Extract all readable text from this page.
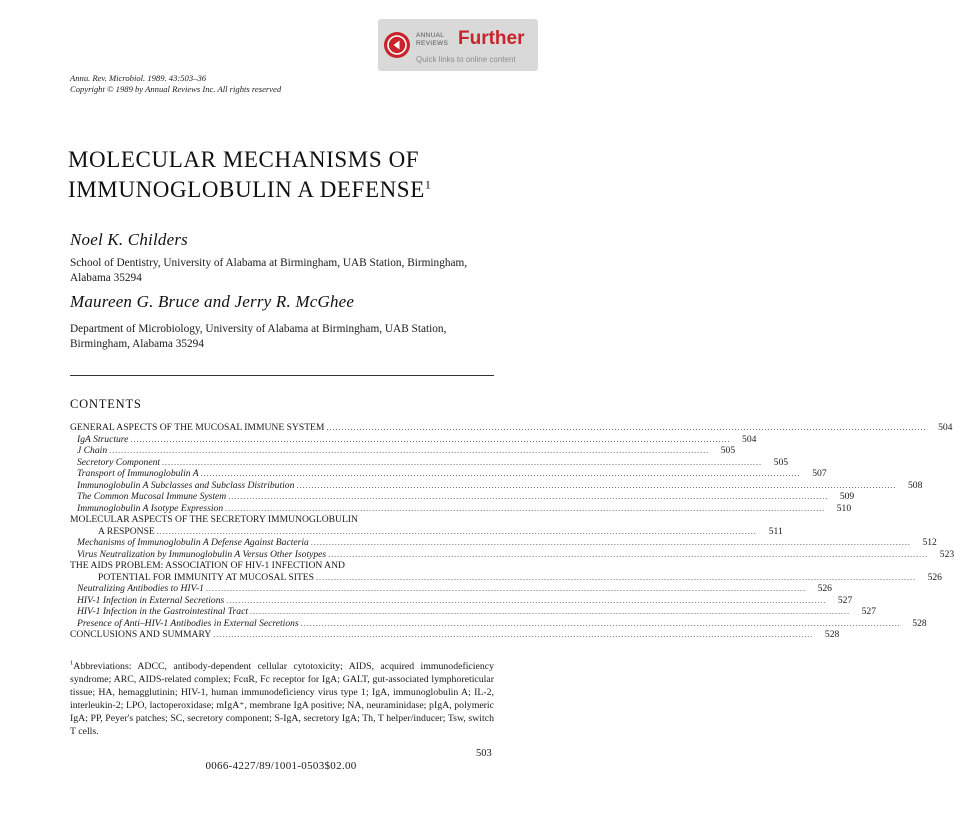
ANNUAL
REVIEWS Further
Quick links to online content
Annu. Rev. Microbiol. 1989. 43:503–36
Copyright © 1989 by Annual Reviews Inc. All rights reserved
MOLECULAR MECHANISMS OF
IMMUNOGLOBULIN A DEFENSE$^1$
Noel K. Childers
School of Dentistry, University of Alabama at Birmingham, UAB Station, Birmingham, Alabama 35294
Maureen G. Bruce and Jerry R. McGhee
Department of Microbiology, University of Alabama at Birmingham, UAB Station, Birmingham, Alabama 35294
CONTENTS
GENERAL ASPECTS OF THE MUCOSAL IMMUNE SYSTEM ........................................................................................................................................................................................................	504
IgA Structure ........................................................................................................................................................................................................	504
J Chain ........................................................................................................................................................................................................	505
Secretory Component ........................................................................................................................................................................................................	505
Transport of Immunoglobulin A ........................................................................................................................................................................................................	507
Immunoglobulin A Subclasses and Subclass Distribution ........................................................................................................................................................................................................	508
The Common Mucosal Immune System ........................................................................................................................................................................................................	509
Immunoglobulin A Isotype Expression ........................................................................................................................................................................................................	510
MOLECULAR ASPECTS OF THE SECRETORY IMMUNOGLOBULIN
A RESPONSE ........................................................................................................................................................................................................	511
Mechanisms of Immunoglobulin A Defense Against Bacteria ........................................................................................................................................................................................................	512
Virus Neutralization by Immunoglobulin A Versus Other Isotypes ........................................................................................................................................................................................................	523
THE AIDS PROBLEM: ASSOCIATION OF HIV-1 INFECTION AND
POTENTIAL FOR IMMUNITY AT MUCOSAL SITES ........................................................................................................................................................................................................	526
Neutralizing Antibodies to HIV-1 ........................................................................................................................................................................................................	526
HIV-1 Infection in External Secretions ........................................................................................................................................................................................................	527
HIV-1 Infection in the Gastrointestinal Tract ........................................................................................................................................................................................................	527
Presence of Anti–HIV-1 Antibodies in External Secretions ........................................................................................................................................................................................................	528
CONCLUSIONS AND SUMMARY ........................................................................................................................................................................................................	528
$^1$Abbreviations: ADCC, antibody-dependent cellular cytotoxicity; AIDS, acquired immunodeficiency syndrome; ARC, AIDS-related complex; FcαR, Fc receptor for IgA; GALT, gut-associated lymphoreticular tissue; HA, hemagglutinin; HIV-1, human immunodeficiency virus type 1; IgA, immunoglobulin A; IL-2, interleukin-2; LPO, lactoperoxidase; mIgA⁺, membrane IgA positive; NA, neuraminidase; pIgA, polymeric IgA; PP, Peyer's patches; SC, secretory component; S-IgA, secretory IgA; Th, T helper/inducer; Tsw, switch T cells.
503
0066-4227/89/1001-0503$02.00
